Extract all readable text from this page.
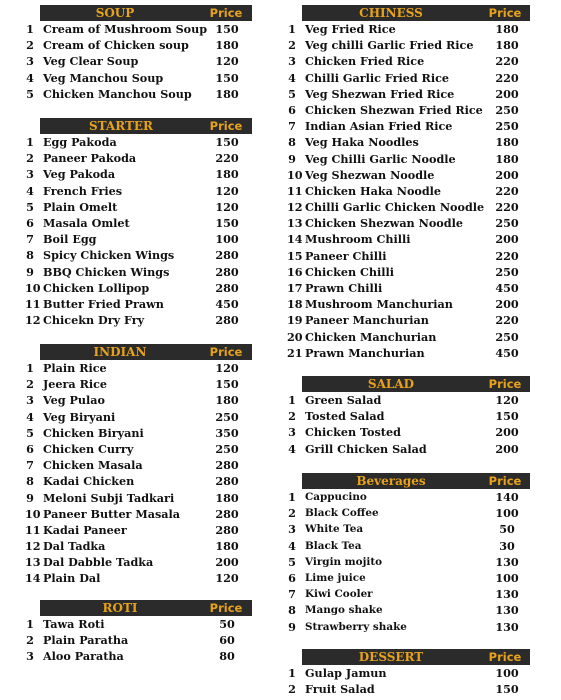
SOUP	Price
1 Cream of Mushroom Soup 150
2 Cream of Chicken soup	180
3 Veg Clear Soup	120
4 Veg Manchou Soup	150
5 Chicken Manchou Soup	180
STARTER	Price
1 Egg Pakoda	150
2 Paneer Pakoda	220
3 Veg Pakoda	180
4 French Fries	120
5 Plain Omelt	120
6 Masala Omlet	150
7 Boil Egg	100
8 Spicy Chicken Wings	280
9 BBQ Chicken Wings	280
10 Chicken Lollipop	280
11 Butter Fried Prawn	450
12 Chicekn Dry Fry	280
INDIAN	Price
1 Plain Rice	120
2 Jeera Rice	150
3 Veg Pulao	180
4 Veg Biryani	250
5 Chicken Biryani	350
6 Chicken Curry	250
7 Chicken Masala	280
8 Kadai Chicken	280
9 Meloni Subji Tadkari	180
10 Paneer Butter Masala	280
11 Kadai Paneer	280
12 Dal Tadka	180
13 Dal Dabble Tadka	200
14 Plain Dal	120
ROTI	Price
1 Tawa Roti	50
2 Plain Paratha	60
3 Aloo Paratha	80
CHINESS	Price
1 Veg Fried Rice	180
2 Veg chilli Garlic Fried Rice	180
3 Chicken Fried Rice	220
4 Chilli Garlic Fried Rice	220
5 Veg Shezwan Fried Rice	200
6 Chicken Shezwan Fried Rice	250
7 Indian Asian Fried Rice	250
8 Veg Haka Noodles	180
9 Veg Chilli Garlic Noodle	180
10 Veg Shezwan Noodle	200
11 Chicken Haka Noodle	220
12 Chilli Garlic Chicken Noodle 220
13 Chicken Shezwan Noodle	250
14 Mushroom Chilli	200
15 Paneer Chilli	220
16 Chicken Chilli	250
17 Prawn Chilli	450
18 Mushroom Manchurian	200
19 Paneer Manchurian	220
20 Chicken Manchurian	250
21 Prawn Manchurian	450
SALAD	Price
1 Green Salad	120
2 Tosted Salad	150
3 Chicken Tosted	200
4 Grill Chicken Salad	200
Beverages	Price
1 Cappucino	140
2 Black Coffee	100
3 White Tea	50
4 Black Tea	30
5 Virgin mojito	130
6 Lime juice	100
7 Kiwi Cooler	130
8 Mango shake	130
9 Strawberry shake	130
DESSERT	Price
1 Gulap Jamun	100
2 Fruit Salad	150
